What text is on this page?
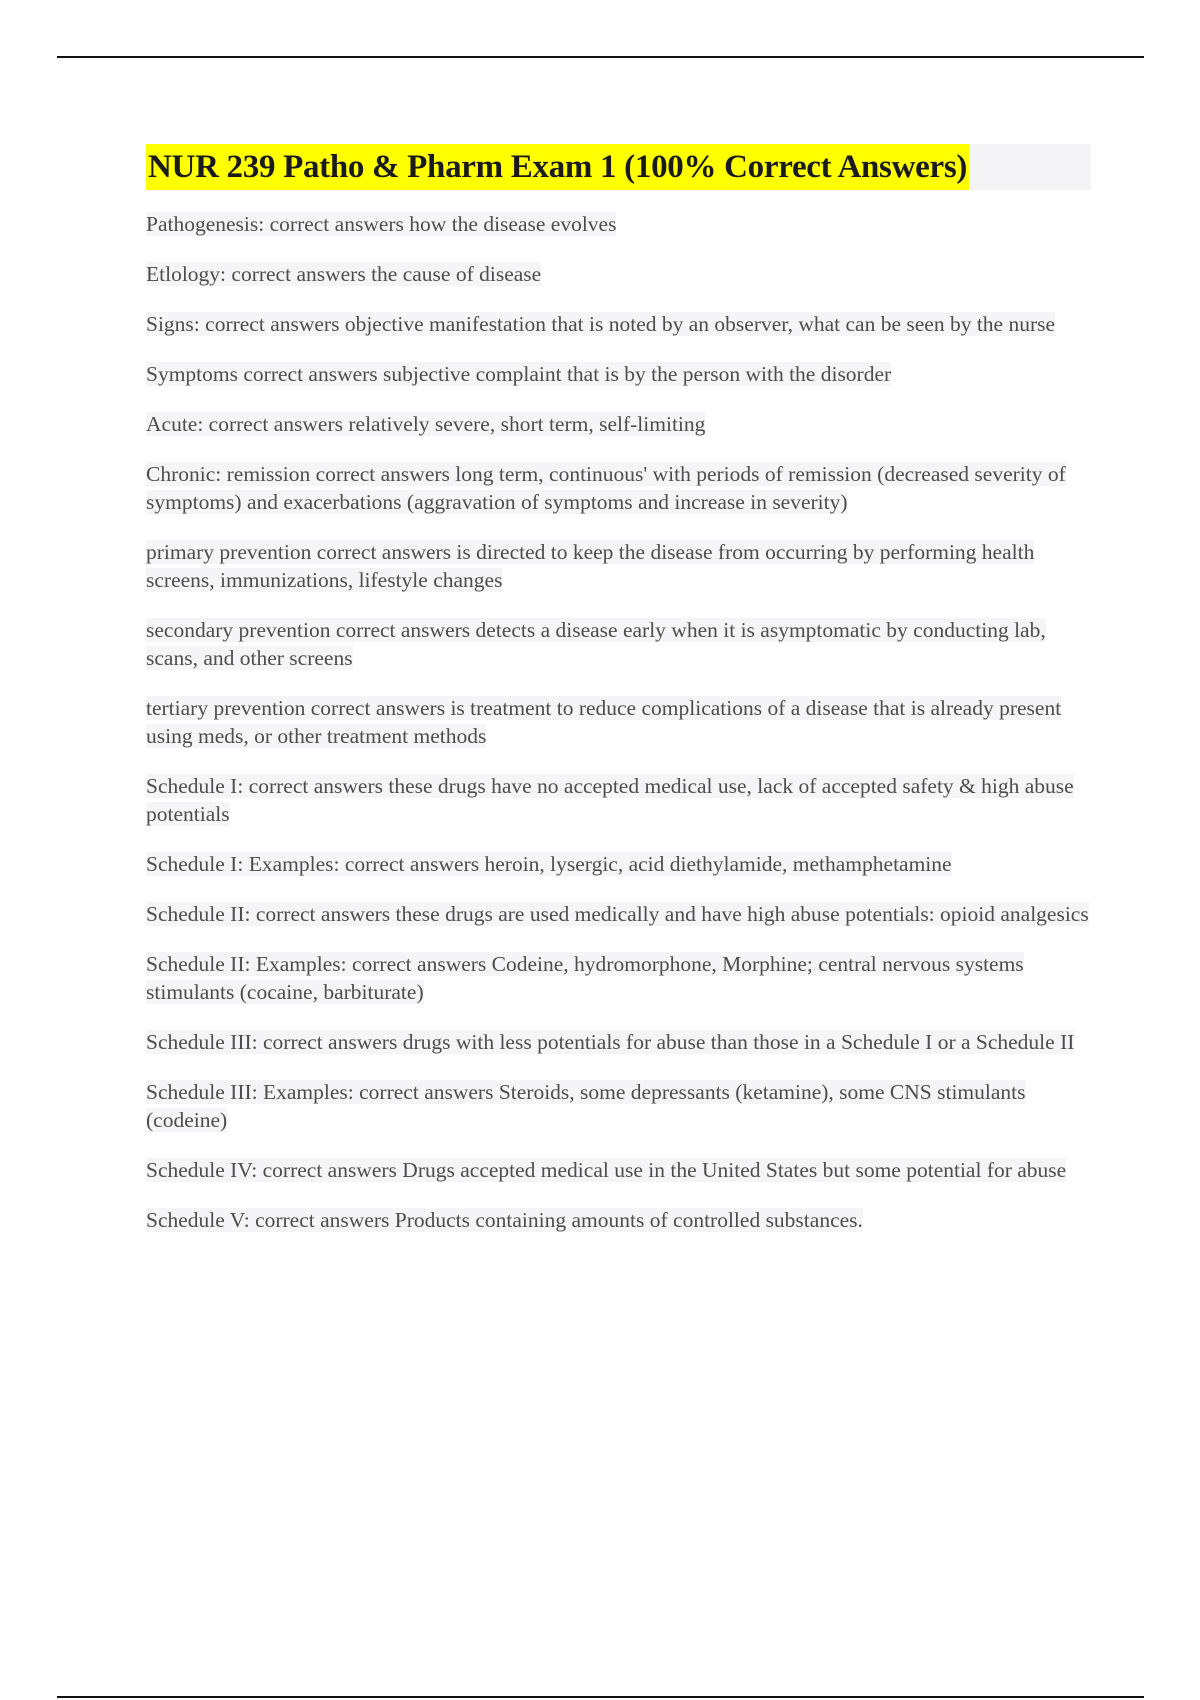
NUR 239 Patho & Pharm Exam 1 (100% Correct Answers)
Pathogenesis: correct answers how the disease evolves
Etlology: correct answers the cause of disease
Signs: correct answers objective manifestation that is noted by an observer, what can be seen by the nurse
Symptoms correct answers subjective complaint that is by the person with the disorder
Acute: correct answers relatively severe, short term, self-limiting
Chronic: remission correct answers long term, continuous' with periods of remission (decreased severity of symptoms) and exacerbations (aggravation of symptoms and increase in severity)
primary prevention correct answers is directed to keep the disease from occurring by performing health screens, immunizations, lifestyle changes
secondary prevention correct answers detects a disease early when it is asymptomatic by conducting lab, scans, and other screens
tertiary prevention correct answers is treatment to reduce complications of a disease that is already present using meds, or other treatment methods
Schedule I: correct answers these drugs have no accepted medical use, lack of accepted safety & high abuse potentials
Schedule I: Examples: correct answers heroin, lysergic, acid diethylamide, methamphetamine
Schedule II: correct answers these drugs are used medically and have high abuse potentials: opioid analgesics
Schedule II: Examples: correct answers Codeine, hydromorphone, Morphine; central nervous systems stimulants (cocaine, barbiturate)
Schedule III: correct answers drugs with less potentials for abuse than those in a Schedule I or a Schedule II
Schedule III: Examples: correct answers Steroids, some depressants (ketamine), some CNS stimulants (codeine)
Schedule IV: correct answers Drugs accepted medical use in the United States but some potential for abuse
Schedule V: correct answers Products containing amounts of controlled substances.
